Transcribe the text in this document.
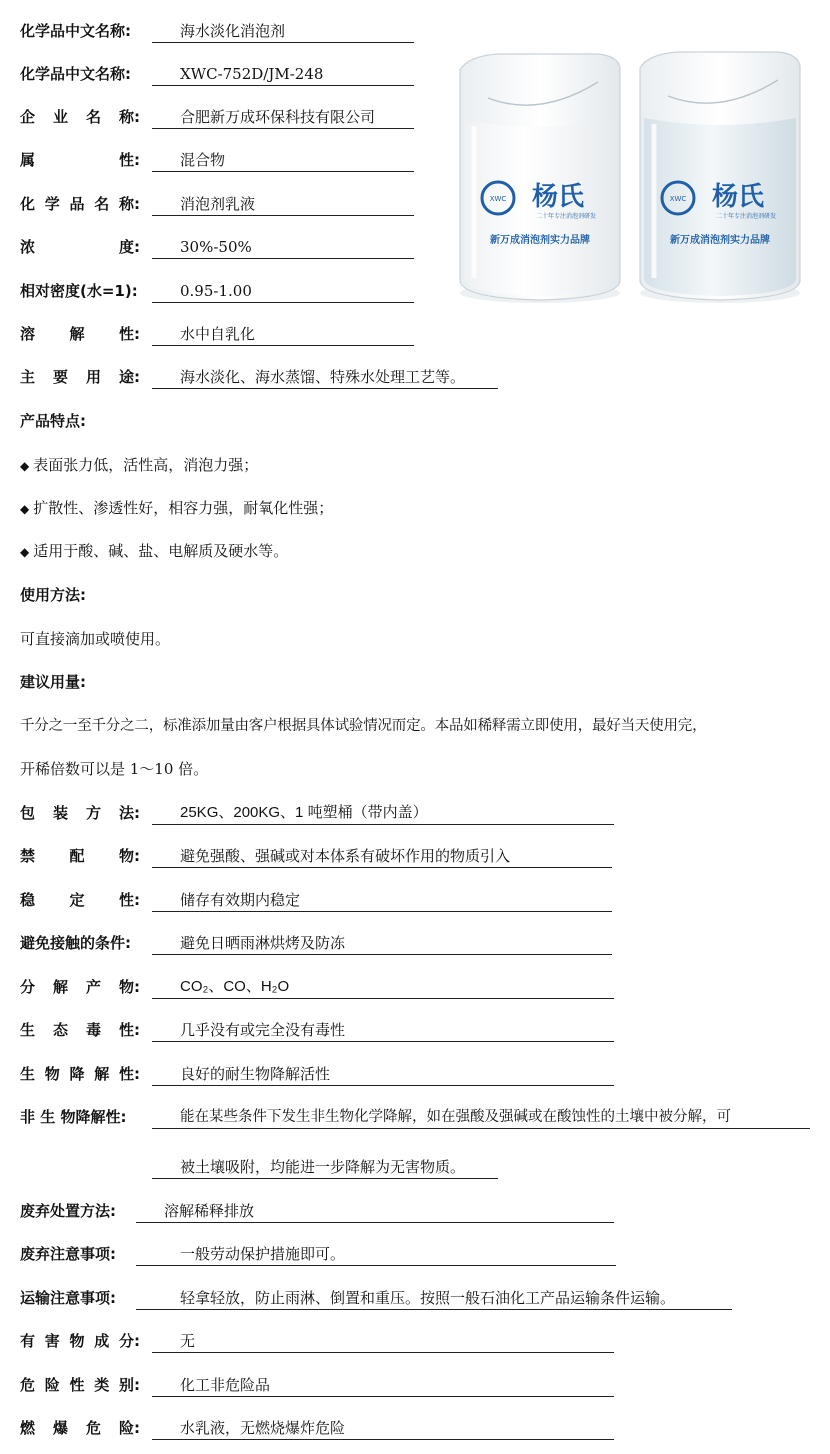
化学品中文名称:	海水淡化消泡剂
化学品中文名称:	XWC-752D/JM-248
企 业 名 称:	合肥新万成环保科技有限公司
属	性:	混合物
化 学 品 名 称:	消泡剂乳液
浓	度:	30%-50%
相对密度(水=1):	0.95-1.00
溶 解 性:	水中自乳化
主 要 用 途:	海水淡化、海水蒸馏、特殊水处理工艺等。
XWC 杨氏
二十年专注消泡剂研发
新万成消泡剂实力品牌
XWC 杨氏
二十年专注消泡剂研发
新万成消泡剂实力品牌
产品特点:
◆ 表面张力低，活性高，消泡力强；
◆ 扩散性、渗透性好，相容力强，耐氧化性强；
◆ 适用于酸、碱、盐、电解质及硬水等。
使用方法:
可直接滴加或喷使用。
建议用量:
千分之一至千分之二，标准添加量由客户根据具体试验情况而定。本品如稀释需立即使用，最好当天使用完，
开稀倍数可以是 1～10 倍。
包 装 方 法:	25KG、200KG、1 吨塑桶（带内盖）
禁 配 物:	避免强酸、强碱或对本体系有破坏作用的物质引入
稳 定 性:	储存有效期内稳定
避免接触的条件:	避免日晒雨淋烘烤及防冻
分 解 产 物:	CO₂、CO、H₂O
生 态 毒 性:	几乎没有或完全没有毒性
生 物 降 解 性:	良好的耐生物降解活性
非 生 物降解性:	能在某些条件下发生非生物化学降解，如在强酸及强碱或在酸蚀性的土壤中被分解，可
被土壤吸附，均能进一步降解为无害物质。
废弃处置方法:	溶解稀释排放
废弃注意事项:	一般劳动保护措施即可。
运输注意事项:	轻拿轻放，防止雨淋、倒置和重压。按照一般石油化工产品运输条件运输。
有 害 物 成 分:	无
危 险 性 类 别:	化工非危险品
燃 爆 危 险:	水乳液，无燃烧爆炸危险
